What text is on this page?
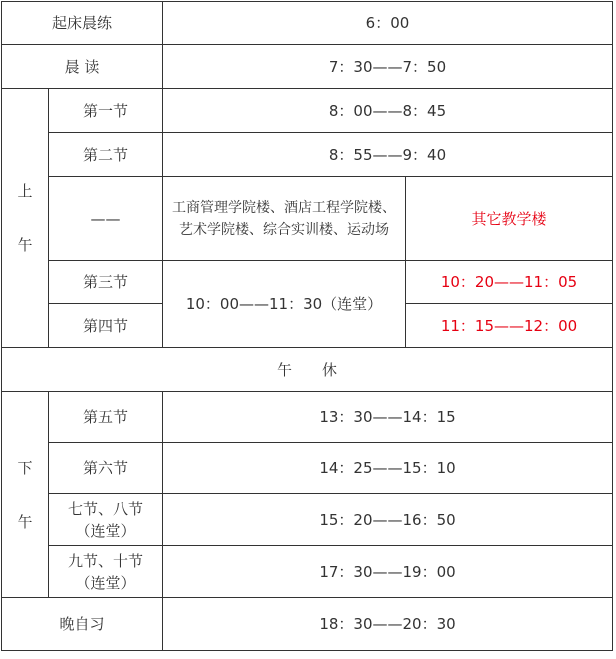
起床晨练		6：00	
晨 读		7：30——7：50	

上
午	第一节	8：00——8：45	
	第二节	8：55——9：40	
	——	工商管理学院楼、酒店工程学院楼、艺术学院楼、综合实训楼、运动场	其它教学楼
	第三节	10：00——11：30（连堂）	10：20——11：05
	第四节		11：15——12：00
午　　休			

下
午	第五节	13：30——14：15	
	第六节	14：25——15：10	

	七节、八节
（连堂）	15：20——16：50	

	九节、十节
（连堂）	17：30——19：00	
晚自习		18：30——20：30	
